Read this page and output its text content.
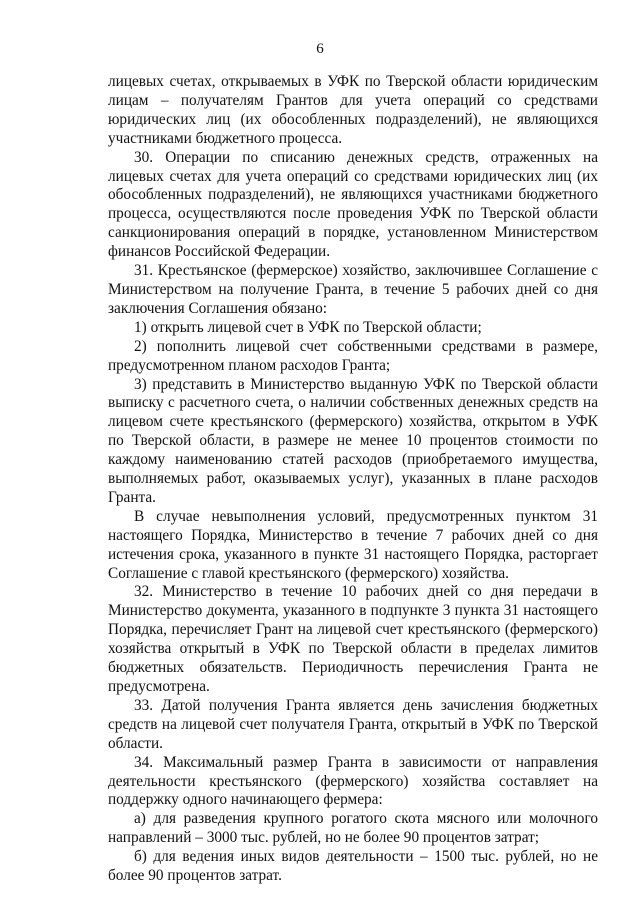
6

лицевых счетах, открываемых в УФК по Тверской области юридическим лицам – получателям Грантов для учета операций со средствами юридических лиц (их обособленных подразделений), не являющихся участниками бюджетного процесса.

30. Операции по списанию денежных средств, отраженных на лицевых счетах для учета операций со средствами юридических лиц (их обособленных подразделений), не являющихся участниками бюджетного процесса, осуществляются после проведения УФК по Тверской области санкционирования операций в порядке, установленном Министерством финансов Российской Федерации.

31. Крестьянское (фермерское) хозяйство, заключившее Соглашение с Министерством на получение Гранта, в течение 5 рабочих дней со дня заключения Соглашения обязано:

1) открыть лицевой счет в УФК по Тверской области;

2) пополнить лицевой счет собственными средствами в размере, предусмотренном планом расходов Гранта;

3) представить в Министерство выданную УФК по Тверской области выписку с расчетного счета, о наличии собственных денежных средств на лицевом счете крестьянского (фермерского) хозяйства, открытом в УФК по Тверской области, в размере не менее 10 процентов стоимости по каждому наименованию статей расходов (приобретаемого имущества, выполняемых работ, оказываемых услуг), указанных в плане расходов Гранта.

В случае невыполнения условий, предусмотренных пунктом 31 настоящего Порядка, Министерство в течение 7 рабочих дней со дня истечения срока, указанного в пункте 31 настоящего Порядка, расторгает Соглашение с главой крестьянского (фермерского) хозяйства.

32. Министерство в течение 10 рабочих дней со дня передачи в Министерство документа, указанного в подпункте 3 пункта 31 настоящего Порядка, перечисляет Грант на лицевой счет крестьянского (фермерского) хозяйства открытый в УФК по Тверской области в пределах лимитов бюджетных обязательств. Периодичность перечисления Гранта не предусмотрена.

33. Датой получения Гранта является день зачисления бюджетных средств на лицевой счет получателя Гранта, открытый в УФК по Тверской области.

34. Максимальный размер Гранта в зависимости от направления деятельности крестьянского (фермерского) хозяйства составляет на поддержку одного начинающего фермера:

а) для разведения крупного рогатого скота мясного или молочного направлений – 3000 тыс. рублей, но не более 90 процентов затрат;

б) для ведения иных видов деятельности – 1500 тыс. рублей, но не более 90 процентов затрат.
